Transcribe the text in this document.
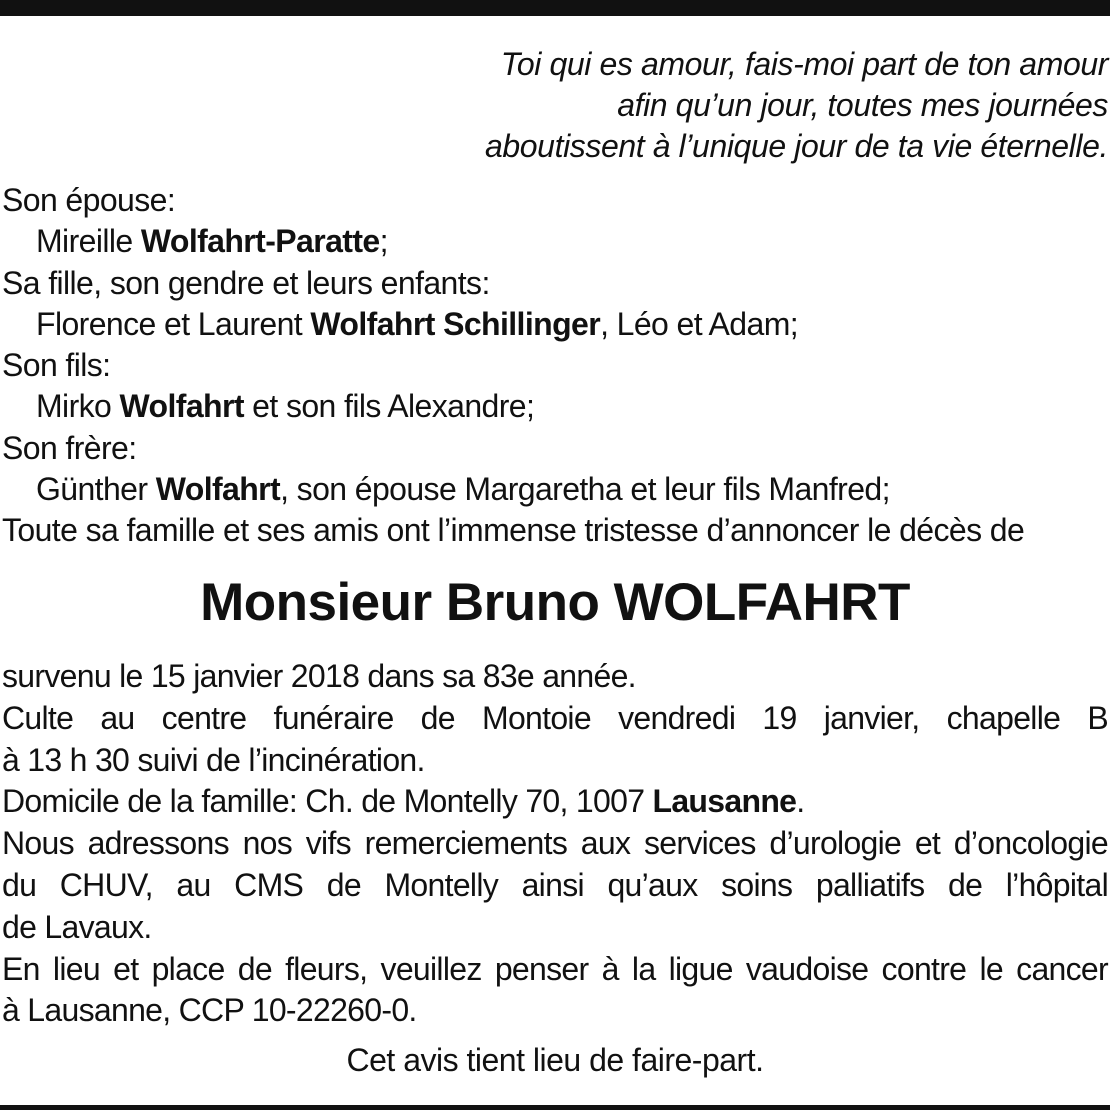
Toi qui es amour, fais-moi part de ton amour
afin qu’un jour, toutes mes journées
aboutissent à l’unique jour de ta vie éternelle.
Son épouse:
Mireille Wolfahrt-Paratte;
Sa fille, son gendre et leurs enfants:
Florence et Laurent Wolfahrt Schillinger, Léo et Adam;
Son fils:
Mirko Wolfahrt et son fils Alexandre;
Son frère:
Günther Wolfahrt, son épouse Margaretha et leur fils Manfred;
Toute sa famille et ses amis ont l’immense tristesse d’annoncer le décès de
Monsieur Bruno WOLFAHRT
survenu le 15 janvier 2018 dans sa 83e année.
Culte au centre funéraire de Montoie vendredi 19 janvier, chapelle B
à 13 h 30 suivi de l’incinération.
Domicile de la famille: Ch. de Montelly 70, 1007 Lausanne.
Nous adressons nos vifs remerciements aux services d’urologie et d’oncologie
du CHUV, au CMS de Montelly ainsi qu’aux soins palliatifs de l’hôpital
de Lavaux.
En lieu et place de fleurs, veuillez penser à la ligue vaudoise contre le cancer
à Lausanne, CCP 10-22260-0.
Cet avis tient lieu de faire-part.
